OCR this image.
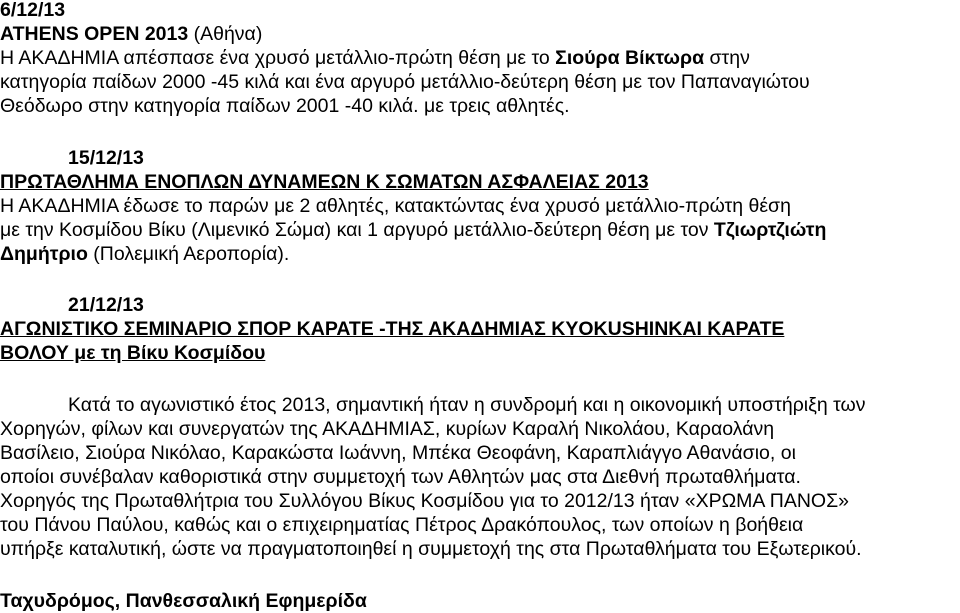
6/12/13
ATHENS OPEN 2013 (Αθήνα)
Η ΑΚΑΔΗΜΙΑ απέσπασε ένα χρυσό μετάλλιο-πρώτη θέση με το Σιούρα Βίκτωρα στην
κατηγορία παίδων 2000 -45 κιλά και ένα αργυρό μετάλλιο-δεύτερη θέση με τον Παπαναγιώτου
Θεόδωρο στην κατηγορία παίδων 2001 -40 κιλά. με τρεις αθλητές.
15/12/13
ΠΡΩΤΑΘΛΗΜΑ ΕΝΟΠΛΩΝ ΔΥΝΑΜΕΩΝ Κ ΣΩΜΑΤΩΝ ΑΣΦΑΛΕΙΑΣ 2013
Η ΑΚΑΔΗΜΙΑ έδωσε το παρών με 2 αθλητές, κατακτώντας ένα χρυσό μετάλλιο-πρώτη θέση
με την Κοσμίδου Βίκυ (Λιμενικό Σώμα) και 1 αργυρό μετάλλιο-δεύτερη θέση με τον Τζιωρτζιώτη
Δημήτριο (Πολεμική Αεροπορία).
21/12/13
ΑΓΩΝΙΣΤΙΚΟ ΣΕΜΙΝΑΡΙΟ ΣΠΟΡ ΚΑΡΑΤΕ -ΤΗΣ ΑΚΑΔΗΜΙΑΣ KYOKUSHINKAI ΚΑΡΑΤΕ
ΒΟΛΟΥ με τη Βίκυ Κοσμίδου
Κατά το αγωνιστικό έτος 2013, σημαντική ήταν η συνδρομή και η οικονομική υποστήριξη των
Χορηγών, φίλων και συνεργατών της ΑΚΑΔΗΜΙΑΣ, κυρίων Καραλή Νικολάου, Καραολάνη
Βασίλειο, Σιούρα Νικόλαο, Καρακώστα Ιωάννη, Μπέκα Θεοφάνη, Καραπλιάγγο Αθανάσιο, οι
οποίοι συνέβαλαν καθοριστικά στην συμμετοχή των Αθλητών μας στα Διεθνή πρωταθλήματα.
Χορηγός της Πρωταθλήτρια του Συλλόγου Βίκυς Κοσμίδου για το 2012/13 ήταν «ΧΡΩΜΑ ΠΑΝΟΣ»
του Πάνου Παύλου, καθώς και ο επιχειρηματίας Πέτρος Δρακόπουλος, των οποίων η βοήθεια
υπήρξε καταλυτική, ώστε να πραγματοποιηθεί η συμμετοχή της στα Πρωταθλήματα του Εξωτερικού.
Ταχυδρόμος, Πανθεσσαλική Εφημερίδα
